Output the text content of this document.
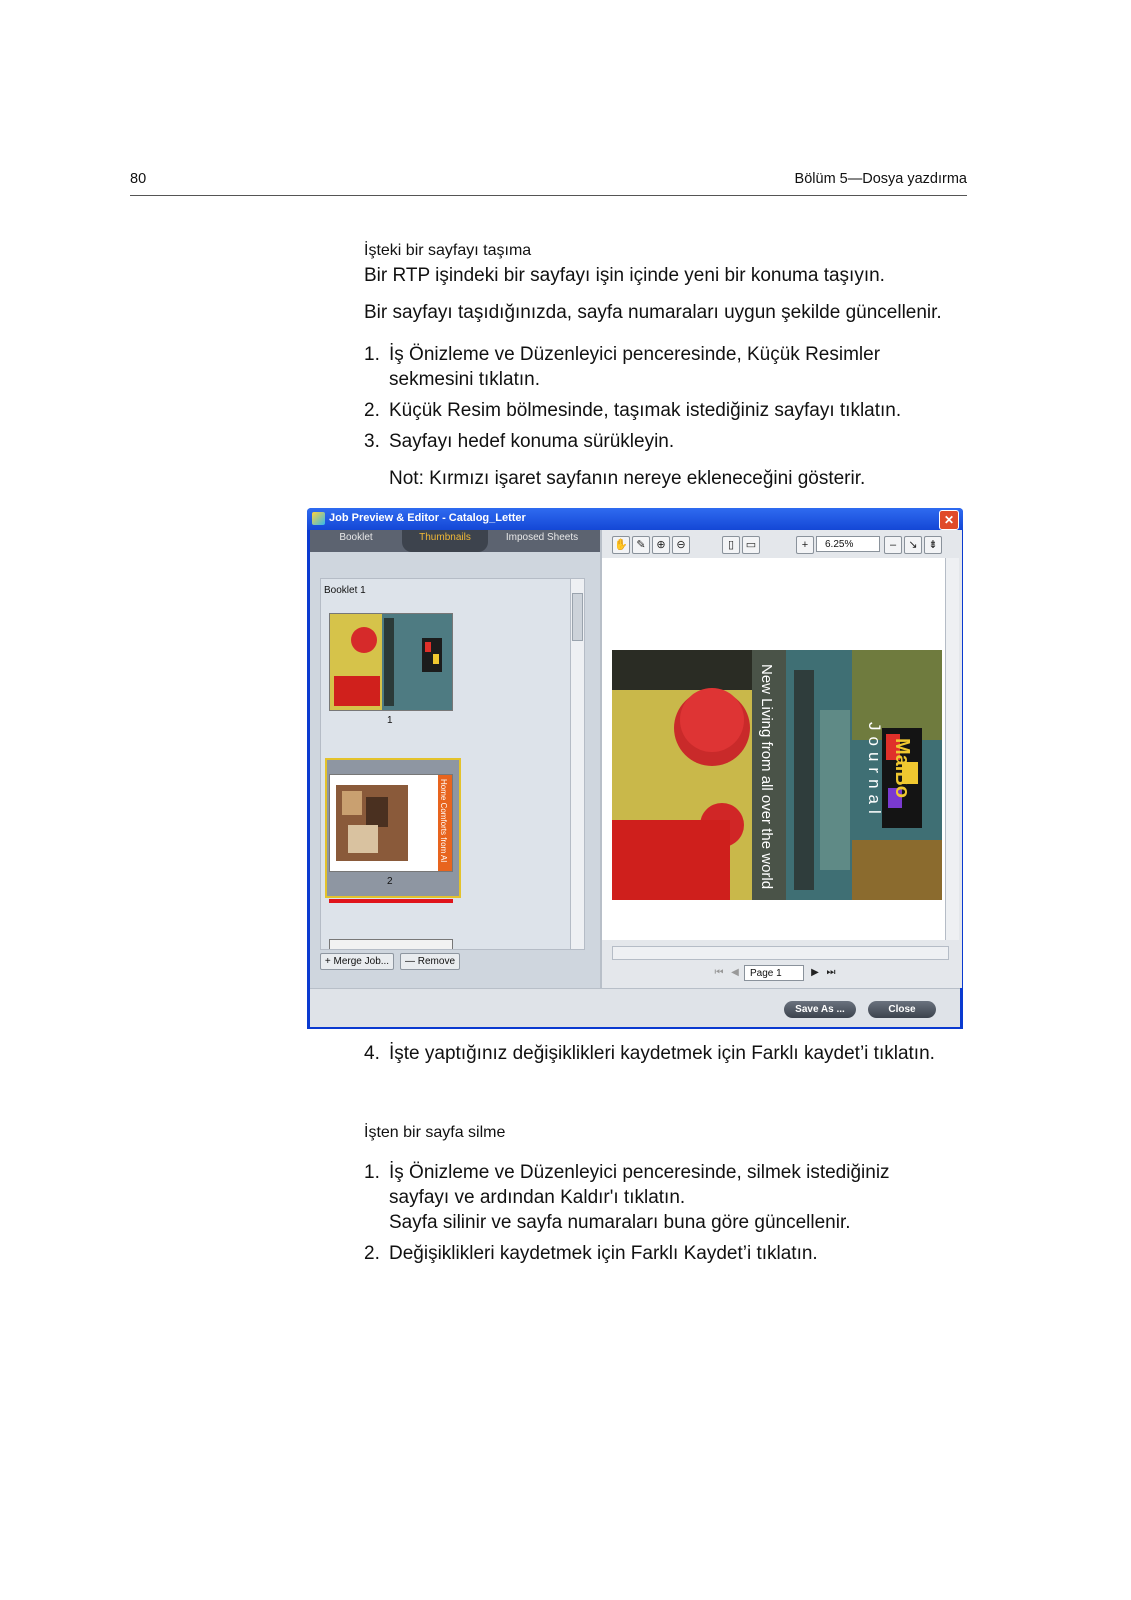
80	Bölüm 5—Dosya yazdırma
İşteki bir sayfayı taşıma
Bir RTP işindeki bir sayfayı işin içinde yeni bir konuma taşıyın.
Bir sayfayı taşıdığınızda, sayfa numaraları uygun şekilde güncellenir.
1. İş Önizleme ve Düzenleyici penceresinde, Küçük Resimler sekmesini tıklatın.
2. Küçük Resim bölmesinde, taşımak istediğiniz sayfayı tıklatın.
3. Sayfayı hedef konuma sürükleyin.
Not: Kırmızı işaret sayfanın nereye ekleneceğini gösterir.
Job Preview & Editor - Catalog_Letter	✕
Booklet	Thumbnails	Imposed Sheets
Booklet 1
1
Home Comforts from Al
2
+ Merge Job...	— Remove
✋ ✎ ⊕ ⊖	▯	▭	+	6.25%	–	↘ ⇟
New Living from all over the world	Journal MaiBo
⏮ ◀	Page 1	▶ ⏭
Save As ...	Close
4. İşte yaptığınız değişiklikleri kaydetmek için Farklı kaydet’i tıklatın.
İşten bir sayfa silme
1. İş Önizleme ve Düzenleyici penceresinde, silmek istediğiniz sayfayı ve ardından Kaldır'ı tıklatın.
Sayfa silinir ve sayfa numaraları buna göre güncellenir.
2. Değişiklikleri kaydetmek için Farklı Kaydet’i tıklatın.
